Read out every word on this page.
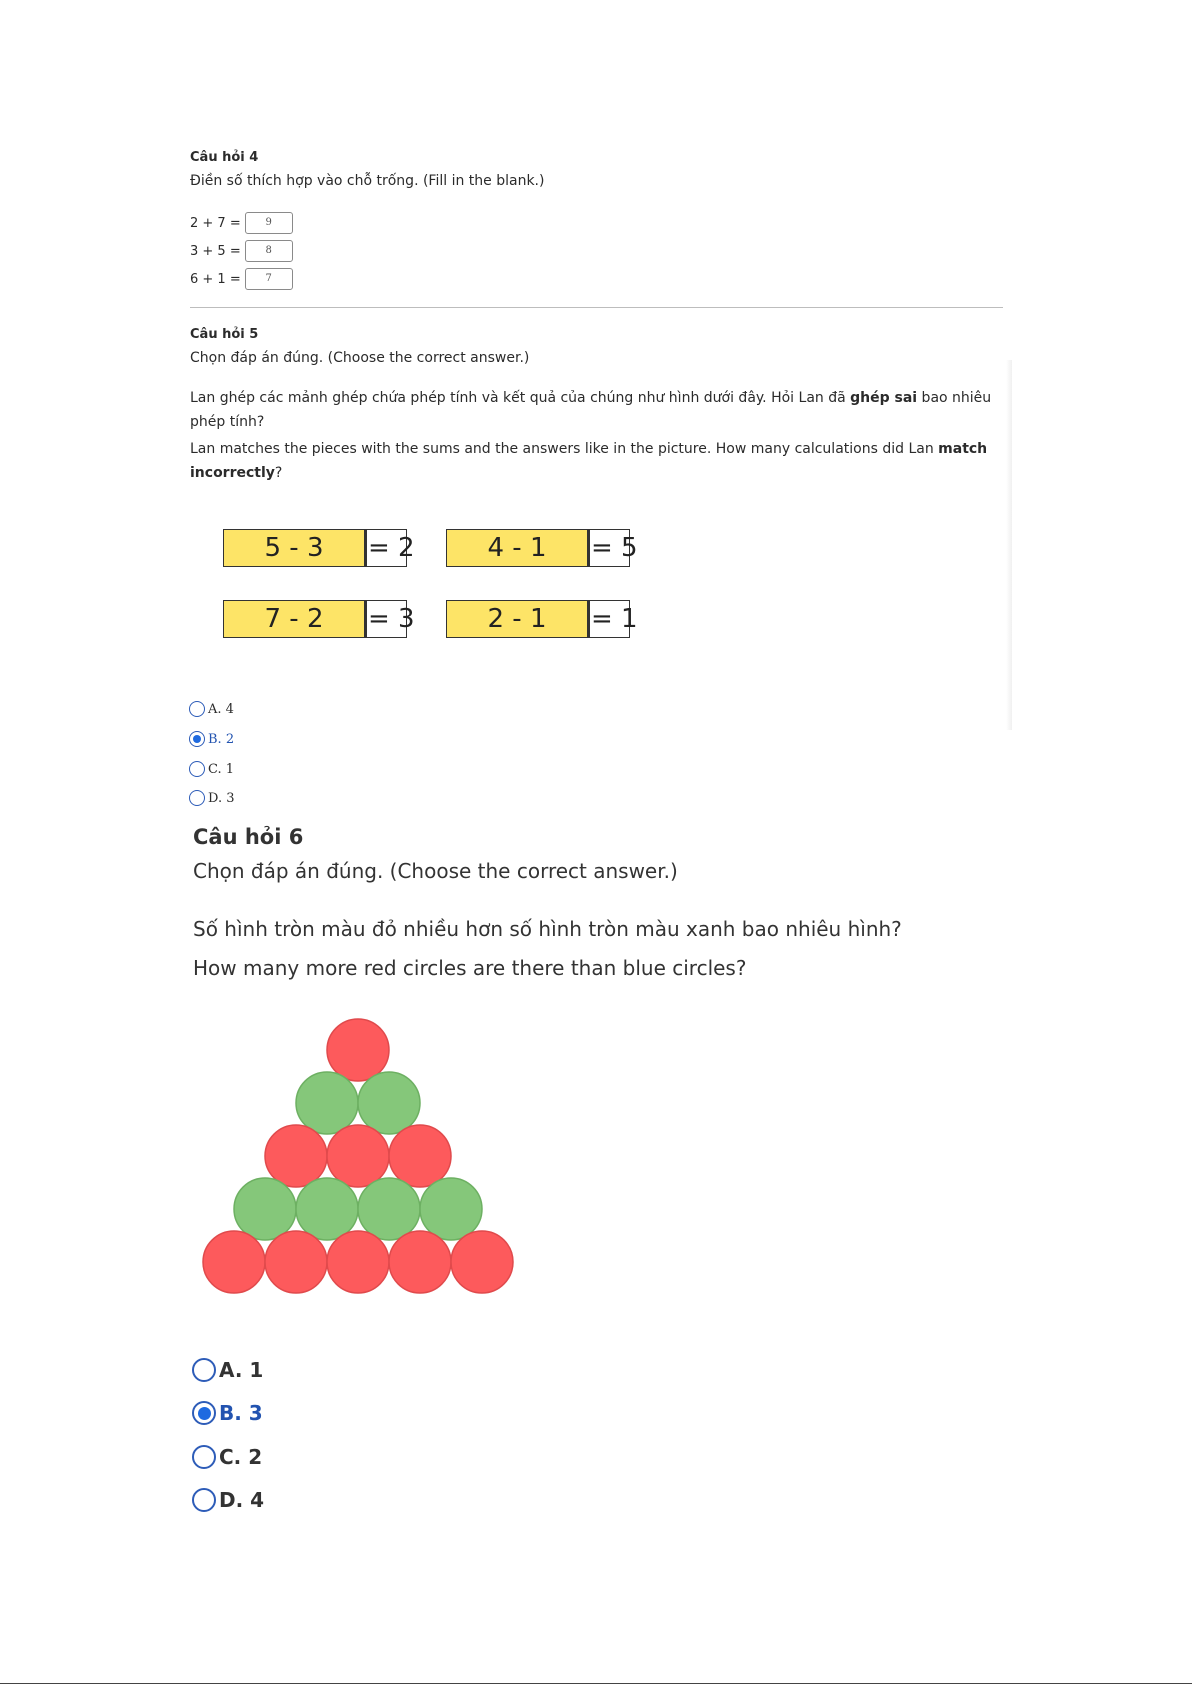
Câu hỏi 4
Điền số thích hợp vào chỗ trống. (Fill in the blank.)
2 + 7 =	9
3 + 5 =	8
6 + 1 =	7
Câu hỏi 5
Chọn đáp án đúng. (Choose the correct answer.)
Lan ghép các mảnh ghép chứa phép tính và kết quả của chúng như hình dưới đây. Hỏi Lan đã ghép sai bao nhiêu
phép tính?
Lan matches the pieces with the sums and the answers like in the picture. How many calculations did Lan match
incorrectly?
5 - 3	= 2	4 - 1	= 5
7 - 2	= 3	2 - 1	= 1
A. 4
B. 2
C. 1
D. 3
Câu hỏi 6
Chọn đáp án đúng. (Choose the correct answer.)
Số hình tròn màu đỏ nhiều hơn số hình tròn màu xanh bao nhiêu hình?
How many more red circles are there than blue circles?
A. 1
B. 3
C. 2
D. 4
